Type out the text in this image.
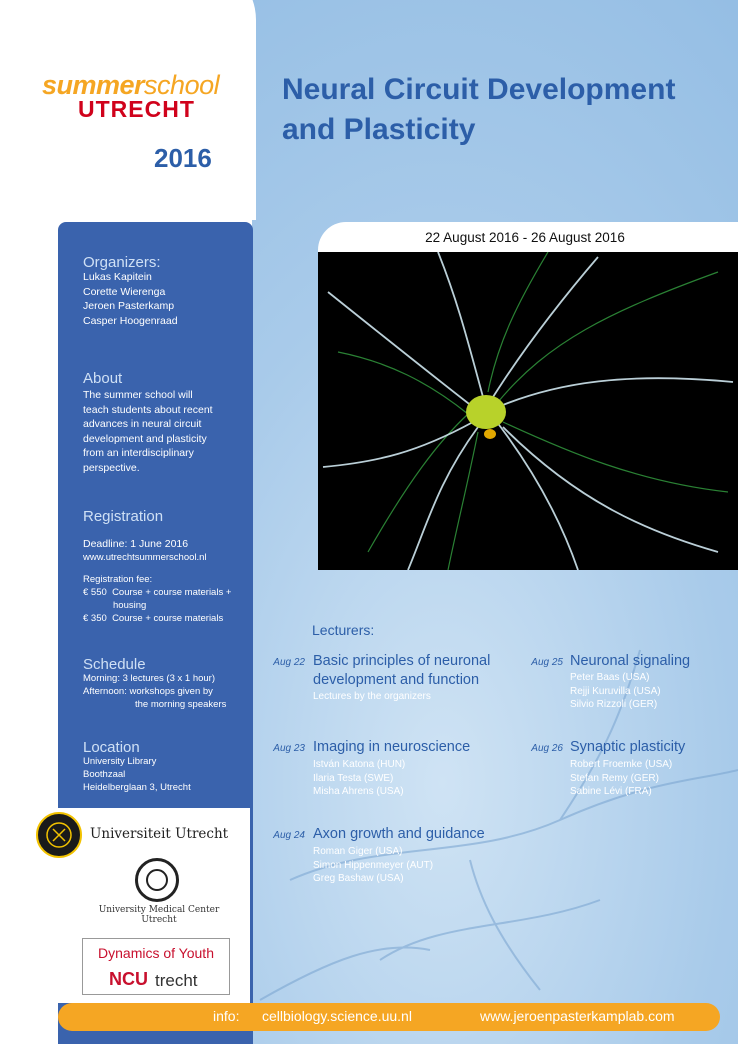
summerschool
UTRECHT
2016
Neural Circuit Development
and Plasticity
Organizers:
Lukas Kapitein
Corette Wierenga
Jeroen Pasterkamp
Casper Hoogenraad
About
The summer school will
teach students about recent
advances in neural circuit
development and plasticity
from an interdisciplinary
perspective.
Registration
Deadline: 1 June 2016
www.utrechtsummerschool.nl
Registration fee:
€ 550 Course + course materials +
housing
€ 350 Course + course materials
Schedule
Morning: 3 lectures (3 x 1 hour)
Afternoon: workshops given by
the morning speakers
Location
University Library
Boothzaal
Heidelberglaan 3, Utrecht
Universiteit Utrecht
University Medical Center
Utrecht
Dynamics of Youth
NCU trecht
22 August 2016 - 26 August 2016
Lecturers:
Aug 22 Basic principles of neuronal
development and function
Lectures by the organizers
Aug 23 Imaging in neuroscience
István Katona (HUN)
Ilaria Testa (SWE)
Misha Ahrens (USA)
Aug 24 Axon growth and guidance
Roman Giger (USA)
Simon Hippenmeyer (AUT)
Greg Bashaw (USA)
Aug 25 Neuronal signaling
Peter Baas (USA)
Rejji Kuruvilla (USA)
Silvio Rizzoli (GER)
Aug 26 Synaptic plasticity
Robert Froemke (USA)
Stefan Remy (GER)
Sabine Lévi (FRA)
info: cellbiology.science.uu.nl	www.jeroenpasterkamplab.com
